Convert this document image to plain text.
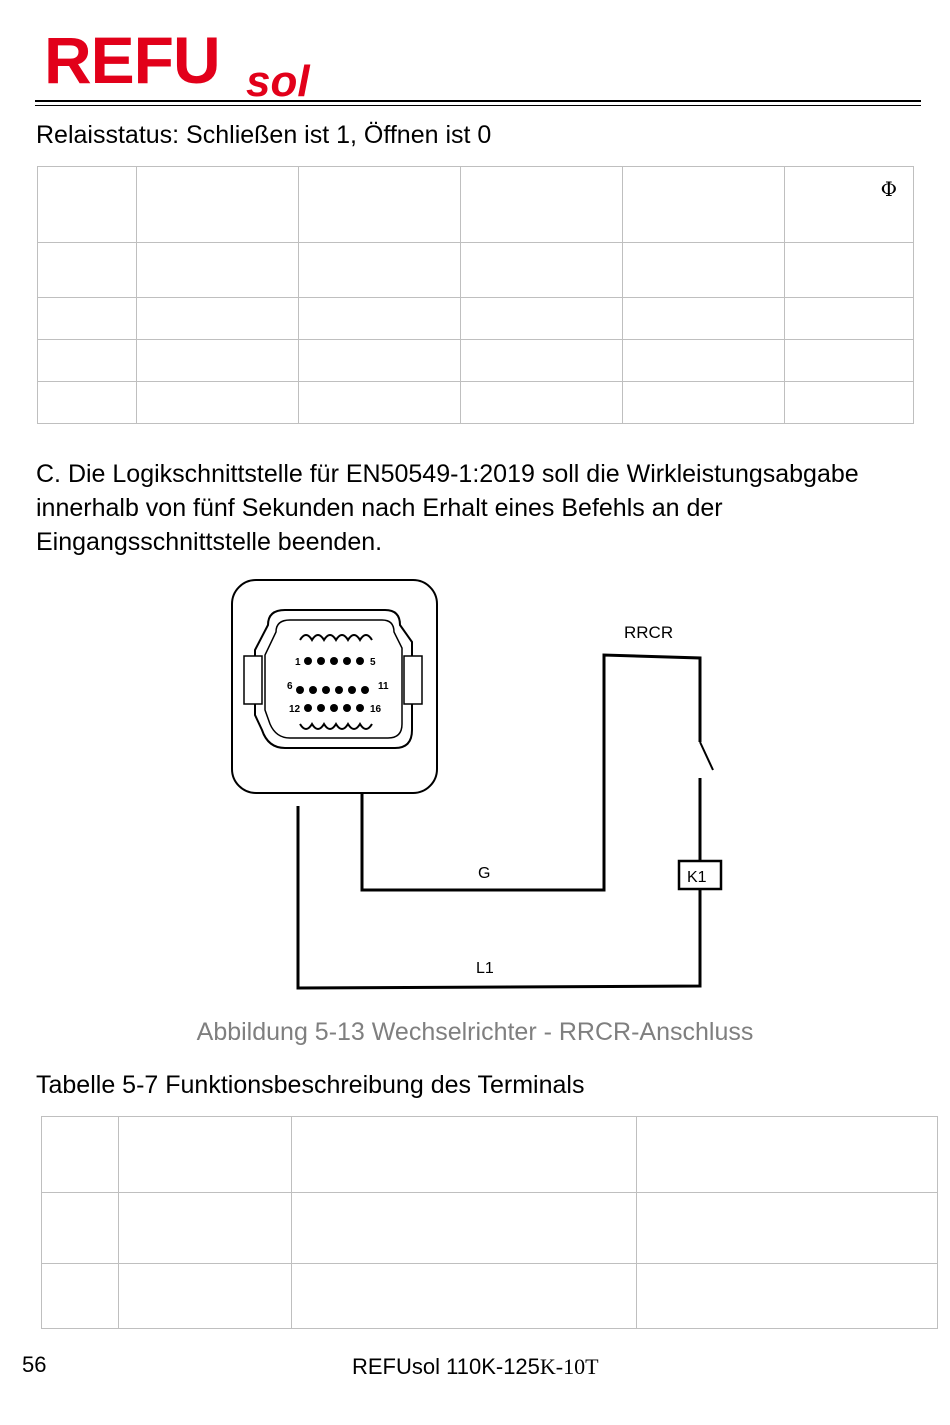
REFU sol
Relaisstatus: Schließen ist 1, Öffnen ist 0
					Φ

C. Die Logikschnittstelle für EN50549-1:2019 soll die Wirkleistungsabgabe innerhalb von fünf Sekunden nach Erhalt eines Befehls an der Eingangsschnittstelle beenden.
1	5
6	11
12	16
RRCR
G	K1
L1
Abbildung 5-13 Wechselrichter - RRCR-Anschluss
Tabelle 5-7 Funktionsbeschreibung des Terminals

56	REFUsol 110K-125K-10T
